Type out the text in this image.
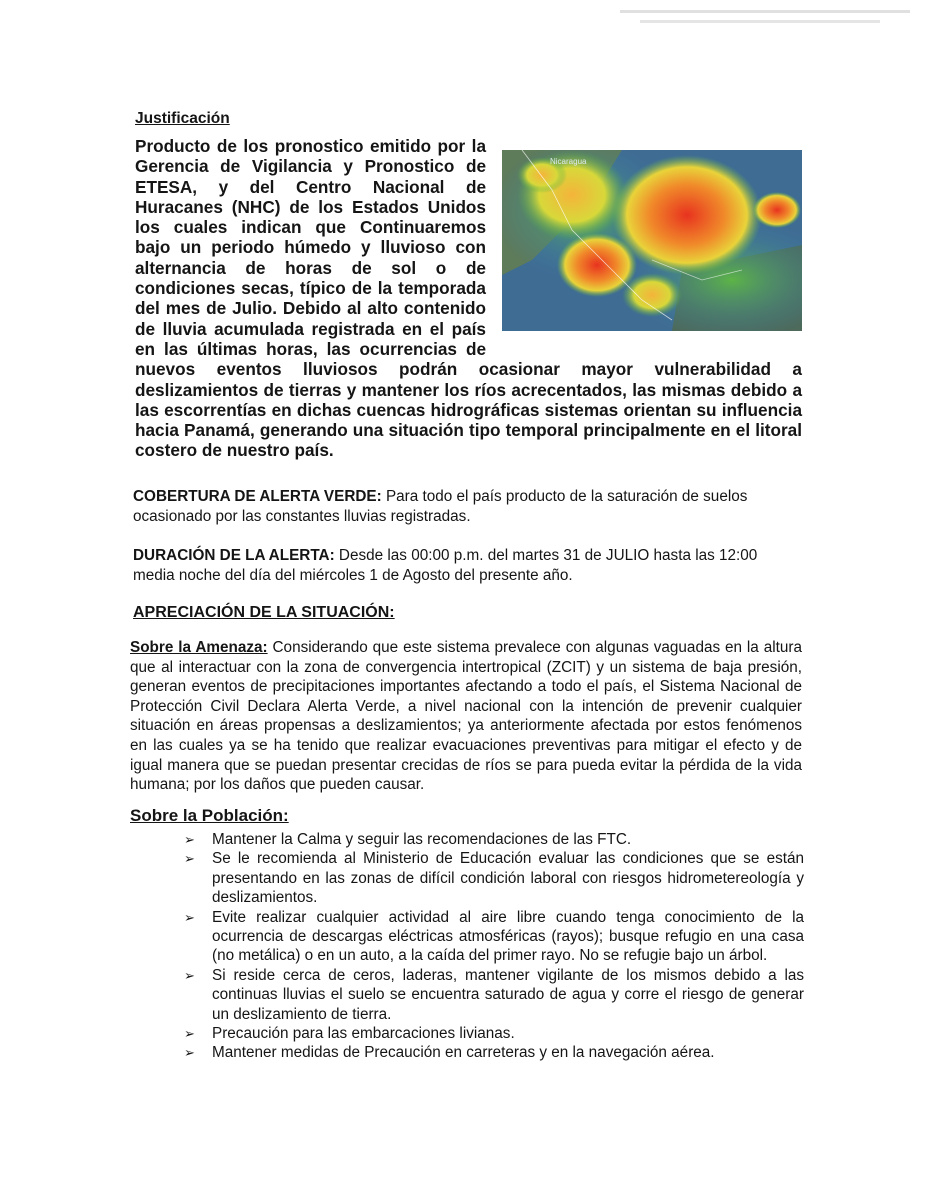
Justificación
Nicaragua
Producto de los pronostico emitido por la Gerencia de Vigilancia y Pronostico de ETESA, y del Centro Nacional de Huracanes (NHC) de los Estados Unidos los cuales indican que Continuaremos bajo un periodo húmedo y lluvioso con alternancia de horas de sol o de condiciones secas, típico de la temporada del mes de Julio. Debido al alto contenido de lluvia acumulada registrada en el país en las últimas horas, las ocurrencias de nuevos eventos lluviosos podrán ocasionar mayor vulnerabilidad a deslizamientos de tierras y mantener los ríos acrecentados, las mismas debido a las escorrentías en dichas cuencas hidrográficas sistemas orientan su influencia hacia Panamá, generando una situación tipo temporal principalmente en el litoral costero de nuestro país.

COBERTURA DE ALERTA VERDE: Para todo el país producto de la saturación de suelos ocasionado por las constantes lluvias registradas.

DURACIÓN DE LA ALERTA: Desde las 00:00 p.m. del martes 31 de JULIO hasta las 12:00 media noche del día del miércoles 1 de Agosto del presente año.

APRECIACIÓN DE LA SITUACIÓN:

Sobre la Amenaza: Considerando que este sistema prevalece con algunas vaguadas en la altura que al interactuar con la zona de convergencia intertropical (ZCIT) y un sistema de baja presión, generan eventos de precipitaciones importantes afectando a todo el país, el Sistema Nacional de Protección Civil Declara Alerta Verde, a nivel nacional con la intención de prevenir cualquier situación en áreas propensas a deslizamientos; ya anteriormente afectada por estos fenómenos en las cuales ya se ha tenido que realizar evacuaciones preventivas para mitigar el efecto y de igual manera que se puedan presentar crecidas de ríos se para pueda evitar la pérdida de la vida humana; por los daños que pueden causar.

Sobre la Población:
➢ Mantener la Calma y seguir las recomendaciones de las FTC.
➢ Se le recomienda al Ministerio de Educación evaluar las condiciones que se están presentando en las zonas de difícil condición laboral con riesgos hidrometereología y deslizamientos.
➢ Evite realizar cualquier actividad al aire libre cuando tenga conocimiento de la ocurrencia de descargas eléctricas atmosféricas (rayos); busque refugio en una casa (no metálica) o en un auto, a la caída del primer rayo. No se refugie bajo un árbol.
➢ Si reside cerca de ceros, laderas, mantener vigilante de los mismos debido a las continuas lluvias el suelo se encuentra saturado de agua y corre el riesgo de generar un deslizamiento de tierra.
➢ Precaución para las embarcaciones livianas.
➢ Mantener medidas de Precaución en carreteras y en la navegación aérea.
